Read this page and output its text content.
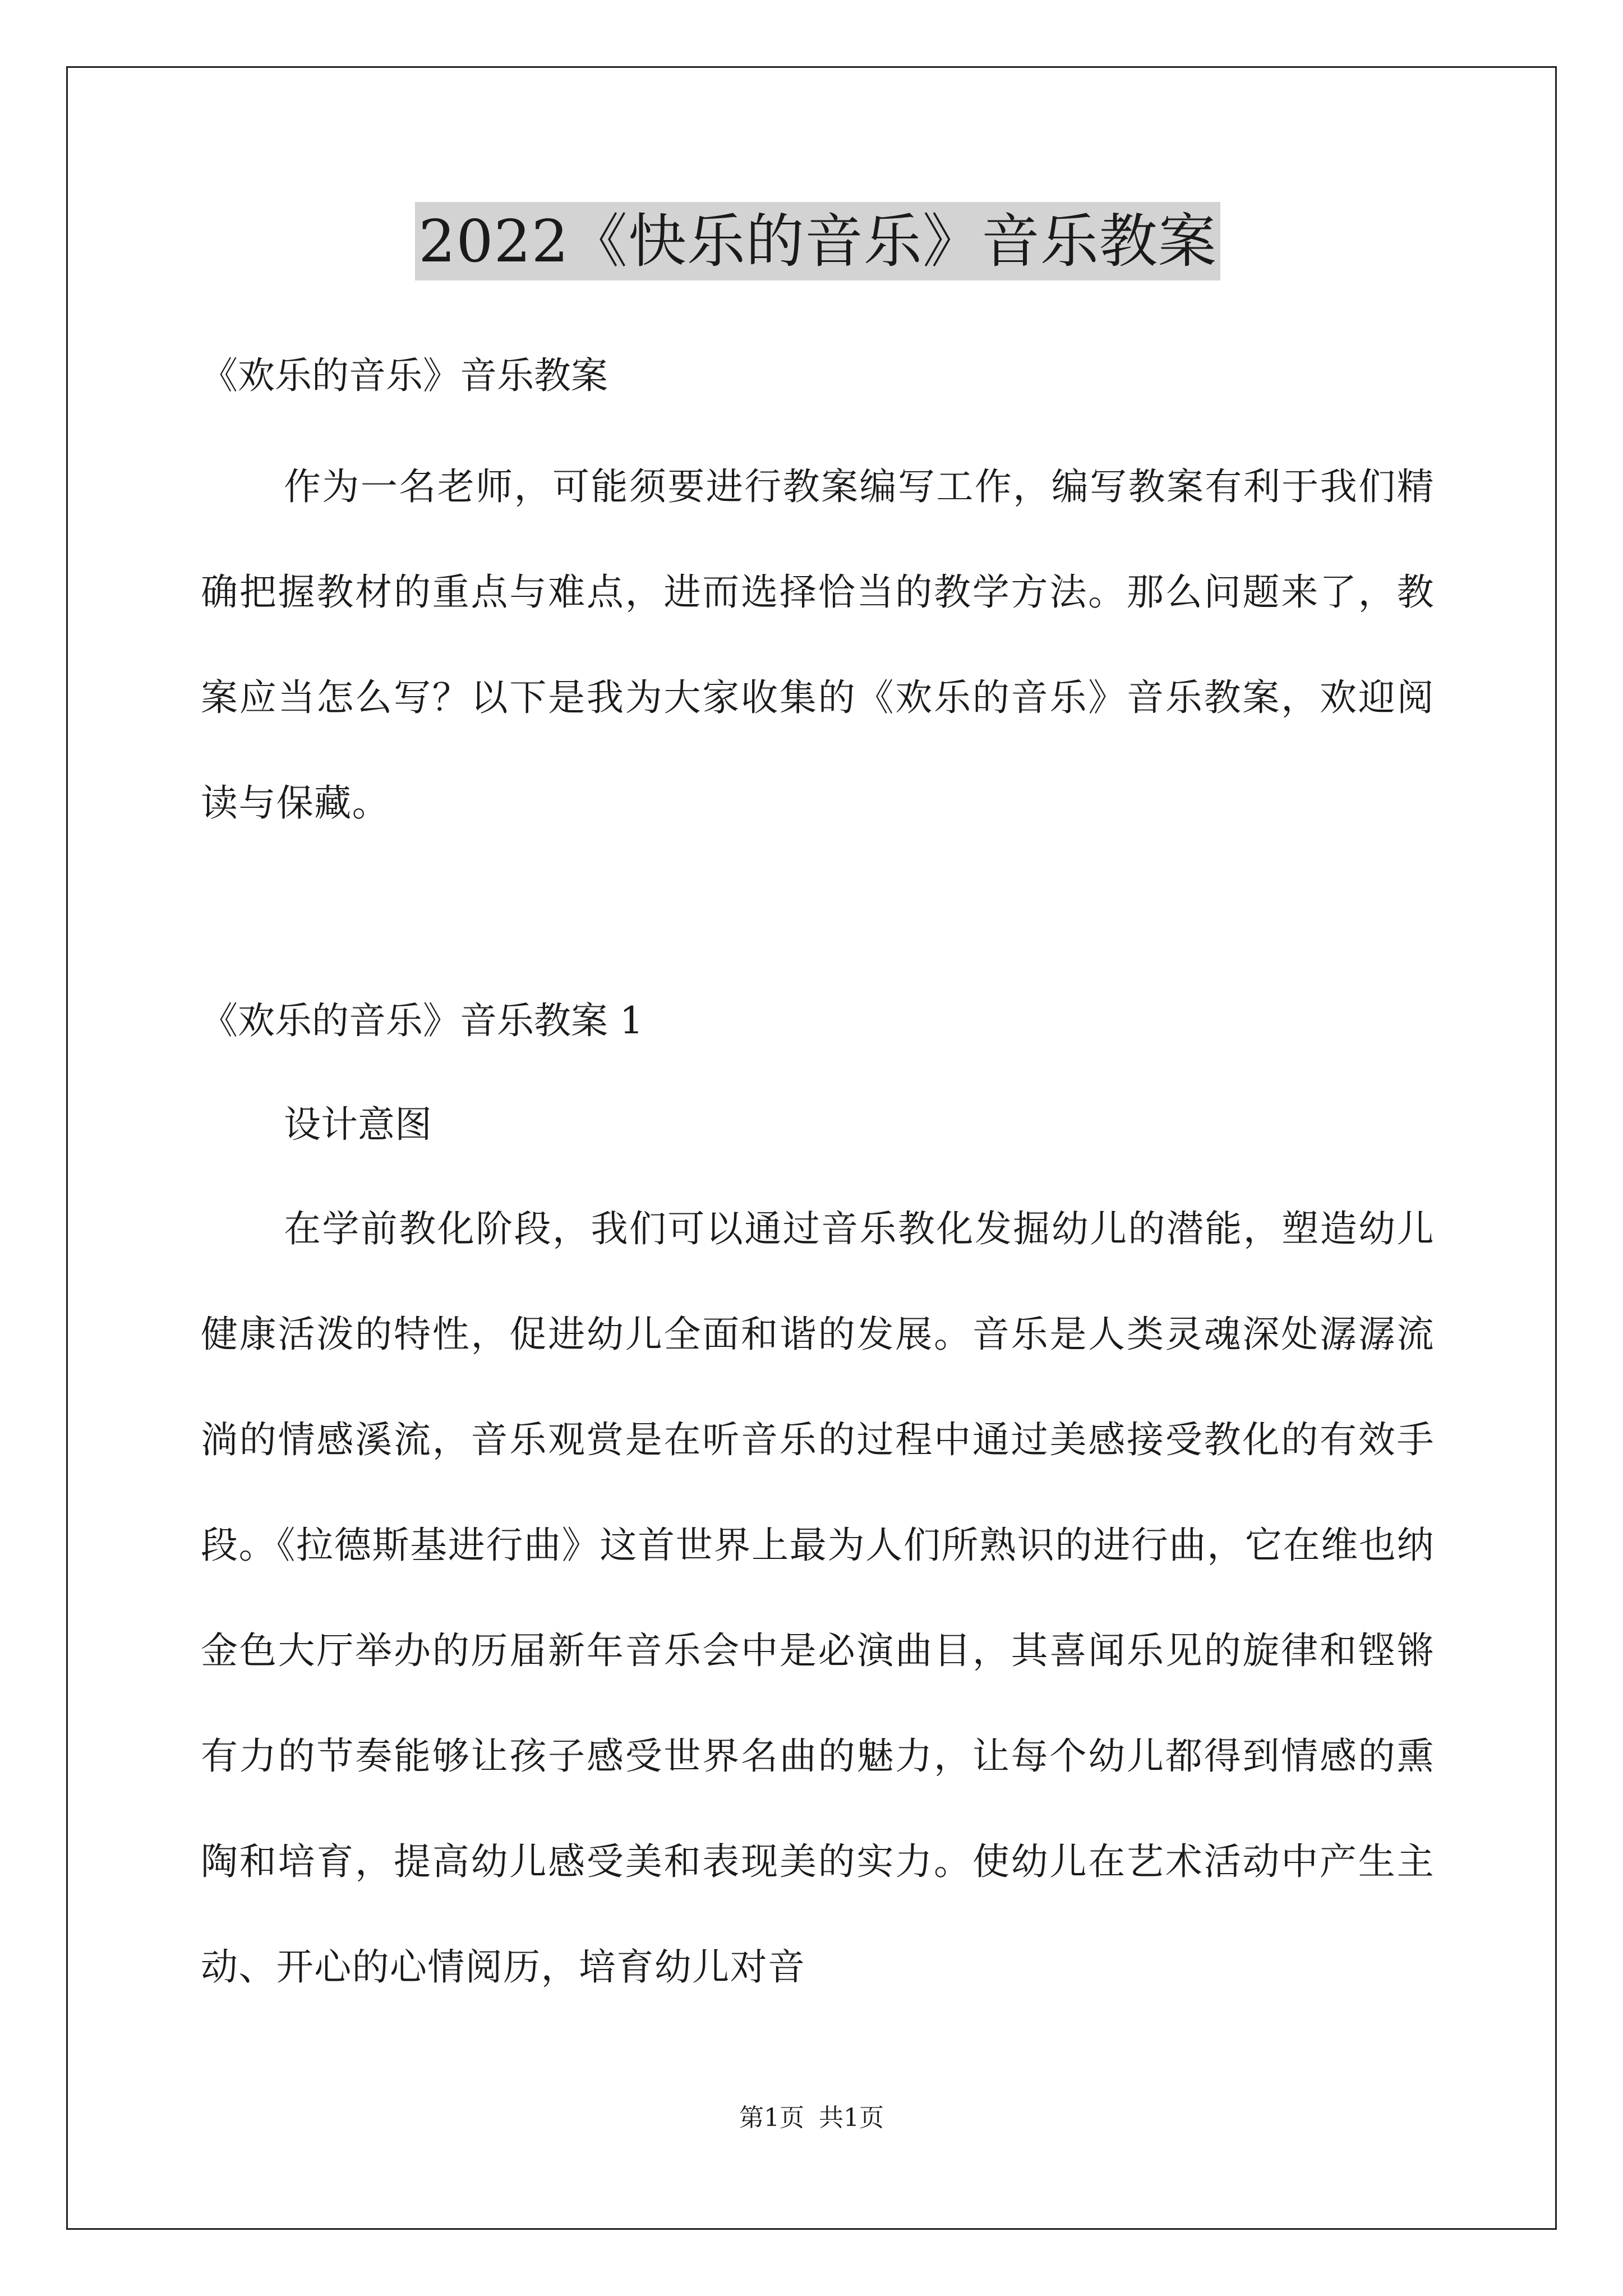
2022《快乐的音乐》音乐教案
《欢乐的音乐》音乐教案

作为一名老师，可能须要进行教案编写工作，编写教案有利于我们精确把握教材的重点与难点，进而选择恰当的教学方法。那么问题来了，教案应当怎么写？以下是我为大家收集的《欢乐的音乐》音乐教案，欢迎阅读与保藏。

《欢乐的音乐》音乐教案 1
设计意图

在学前教化阶段，我们可以通过音乐教化发掘幼儿的潜能，塑造幼儿健康活泼的特性，促进幼儿全面和谐的发展。音乐是人类灵魂深处潺潺流淌的情感溪流，音乐观赏是在听音乐的过程中通过美感接受教化的有效手段。《拉德斯基进行曲》这首世界上最为人们所熟识的进行曲，它在维也纳金色大厅举办的历届新年音乐会中是必演曲目，其喜闻乐见的旋律和铿锵有力的节奏能够让孩子感受世界名曲的魅力，让每个幼儿都得到情感的熏陶和培育，提高幼儿感受美和表现美的实力。使幼儿在艺术活动中产生主动、开心的心情阅历，培育幼儿对音

第1页 共1页
